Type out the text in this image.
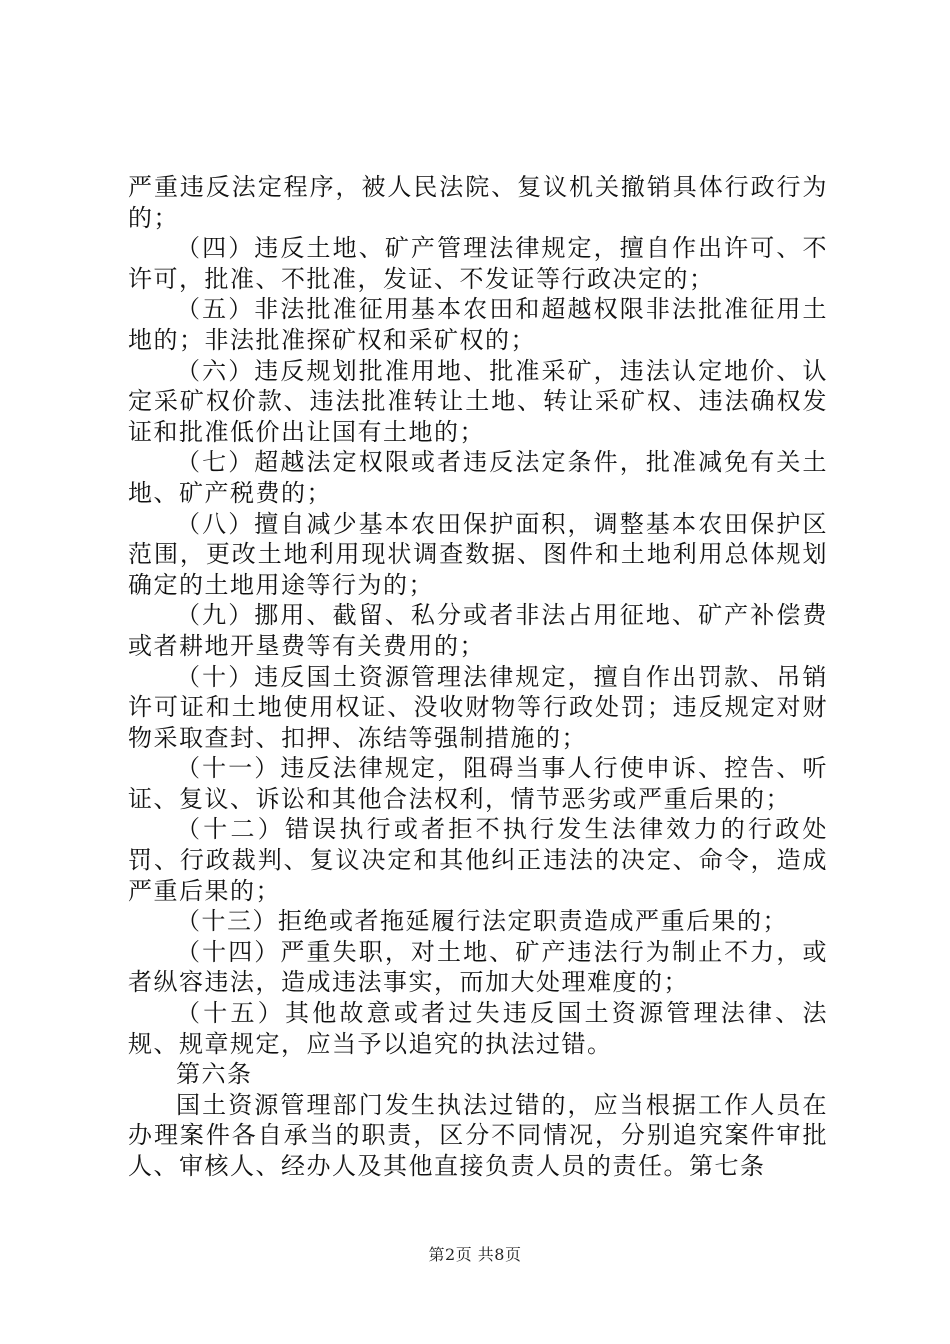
严重违反法定程序，被人民法院、复议机关撤销具体行政行为的；

（四）违反土地、矿产管理法律规定，擅自作出许可、不许可，批准、不批准，发证、不发证等行政决定的；

（五）非法批准征用基本农田和超越权限非法批准征用土地的；非法批准探矿权和采矿权的；

（六）违反规划批准用地、批准采矿，违法认定地价、认定采矿权价款、违法批准转让土地、转让采矿权、违法确权发证和批准低价出让国有土地的；

（七）超越法定权限或者违反法定条件，批准减免有关土地、矿产税费的；

（八）擅自减少基本农田保护面积，调整基本农田保护区范围，更改土地利用现状调查数据、图件和土地利用总体规划确定的土地用途等行为的；

（九）挪用、截留、私分或者非法占用征地、矿产补偿费或者耕地开垦费等有关费用的；

（十）违反国土资源管理法律规定，擅自作出罚款、吊销许可证和土地使用权证、没收财物等行政处罚；违反规定对财物采取查封、扣押、冻结等强制措施的；

（十一）违反法律规定，阻碍当事人行使申诉、控告、听证、复议、诉讼和其他合法权利，情节恶劣或严重后果的；

（十二）错误执行或者拒不执行发生法律效力的行政处罚、行政裁判、复议决定和其他纠正违法的决定、命令，造成严重后果的；

（十三）拒绝或者拖延履行法定职责造成严重后果的；

（十四）严重失职，对土地、矿产违法行为制止不力，或者纵容违法，造成违法事实，而加大处理难度的；

（十五）其他故意或者过失违反国土资源管理法律、法规、规章规定，应当予以追究的执法过错。

第六条

国土资源管理部门发生执法过错的，应当根据工作人员在办理案件各自承当的职责，区分不同情况，分别追究案件审批人、审核人、经办人及其他直接负责人员的责任。第七条

第2页 共8页
